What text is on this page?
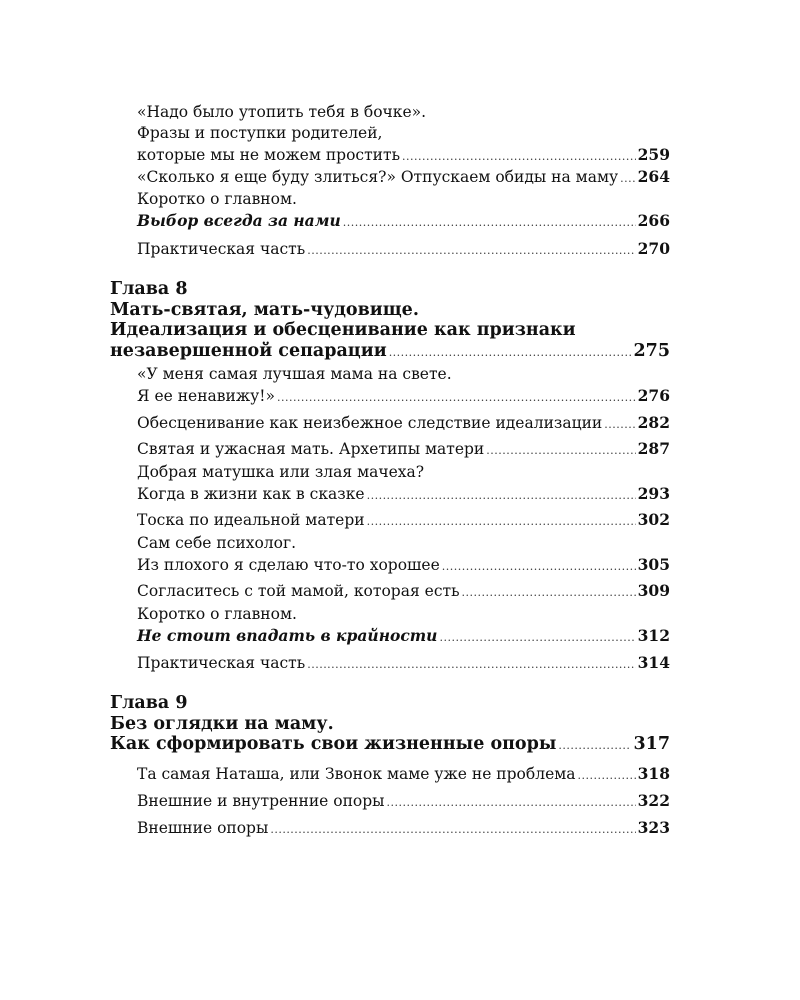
«Надо было утопить тебя в бочке».
Фразы и поступки родителей,
которые мы не можем простить .....	259
«Сколько я еще буду злиться?» Отпускаем обиды на маму ..... 264
Коротко о главном.
Выбор всегда за нами .....	266
Практическая часть .....	270
Глава 8
Мать-святая, мать-чудовище.
Идеализация и обесценивание как признаки
незавершенной сепарации .....	275
«У меня самая лучшая мама на свете.
Я ее ненавижу!» .....	276
Обесценивание как неизбежное следствие идеализации ..... 282
Святая и ужасная мать. Архетипы матери .....	287
Добрая матушка или злая мачеха?
Когда в жизни как в сказке .....	293
Тоска по идеальной матери .....	302
Сам себе психолог.
Из плохого я сделаю что-то хорошее .....	305
Согласитесь с той мамой, которая есть .....	309
Коротко о главном.
Не стоит впадать в крайности .....	312
Практическая часть .....	314
Глава 9
Без оглядки на маму.
Как сформировать свои жизненные опоры .....	317
Та самая Наташа, или Звонок маме уже не проблема .....	318
Внешние и внутренние опоры .....	322
Внешние опоры .....	323
